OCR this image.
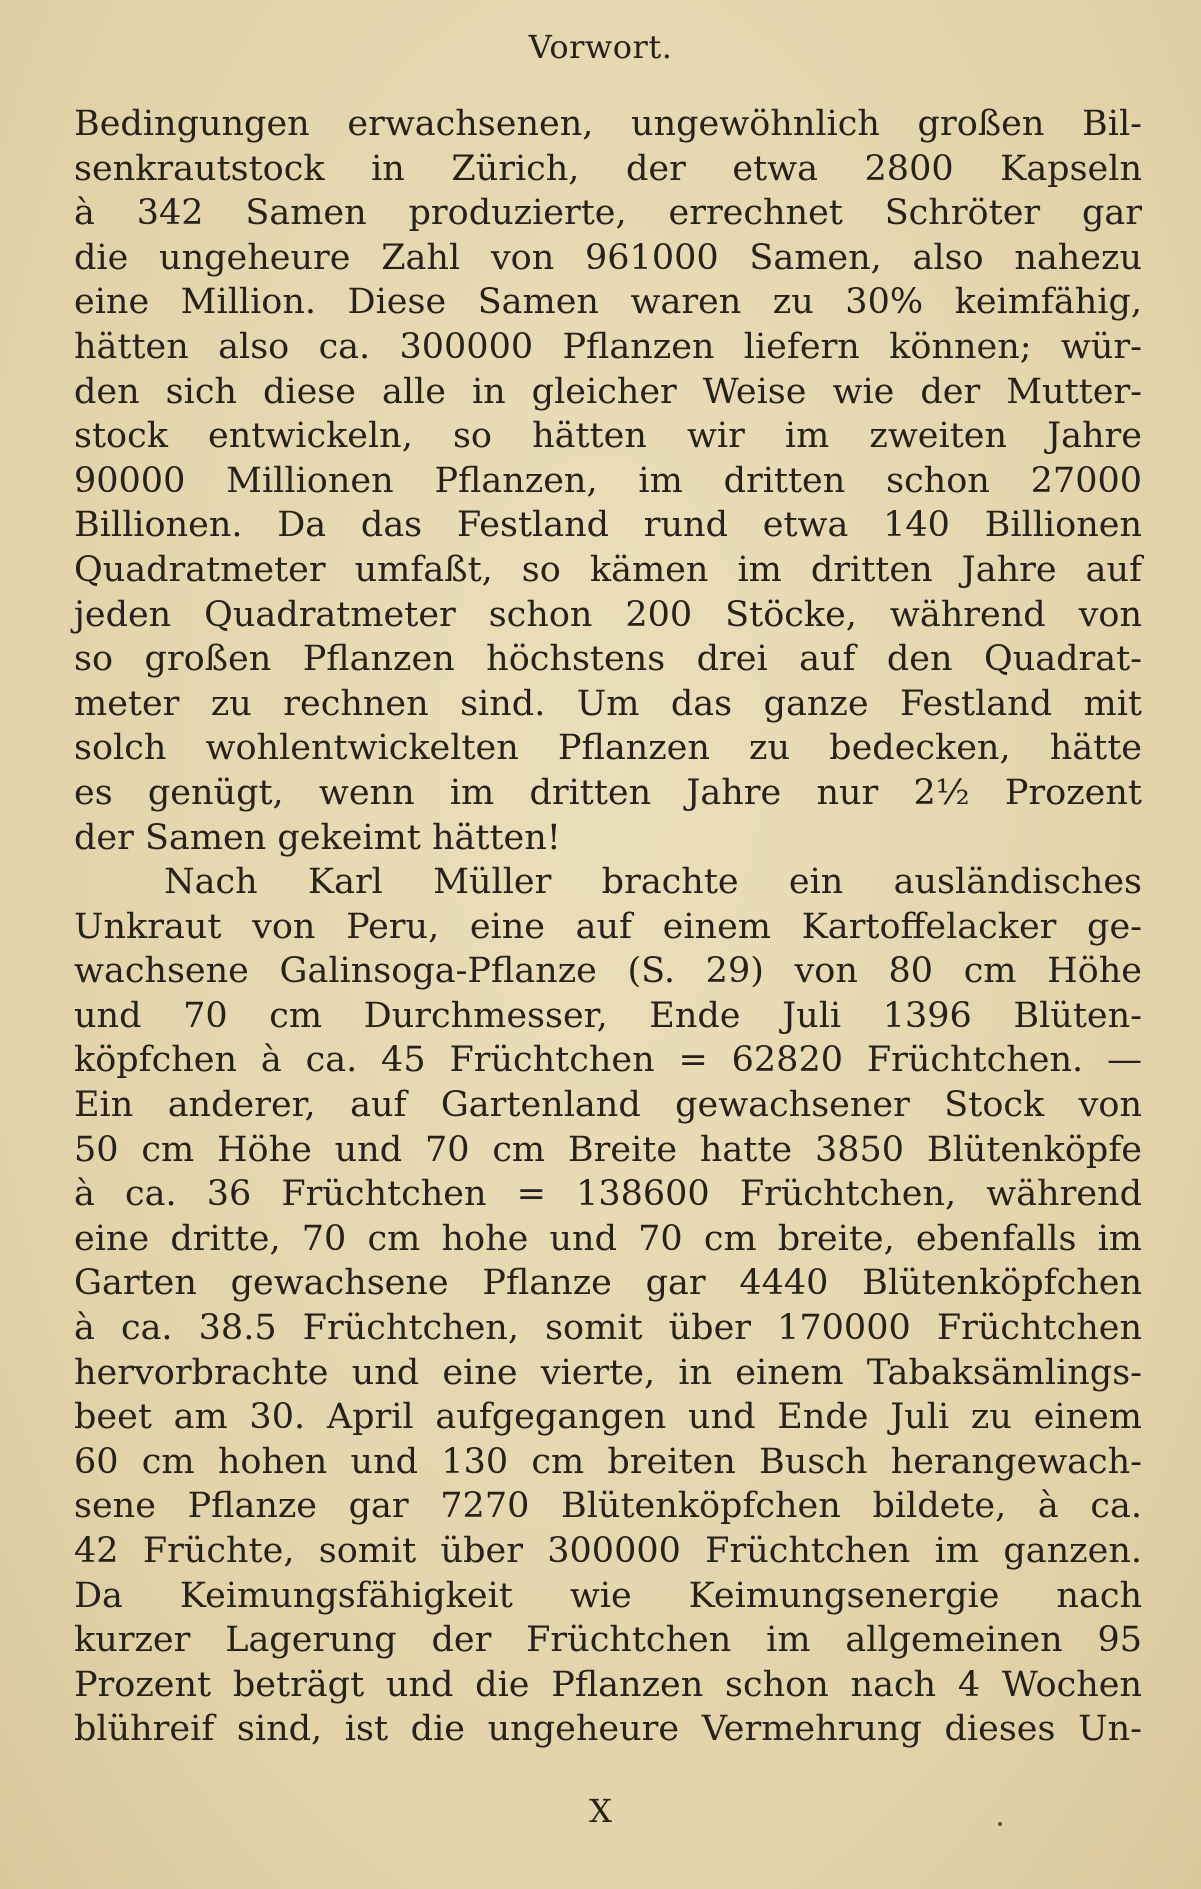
Vorwort.
Bedingungen erwachsenen, ungewöhnlich großen Bil-
senkrautstock in Zürich, der etwa 2800 Kapseln
à 342 Samen produzierte, errechnet Schröter gar
die ungeheure Zahl von 961000 Samen, also nahezu
eine Million. Diese Samen waren zu 30% keimfähig,
hätten also ca. 300000 Pflanzen liefern können; wür-
den sich diese alle in gleicher Weise wie der Mutter-
stock entwickeln, so hätten wir im zweiten Jahre
90000 Millionen Pflanzen, im dritten schon 27000
Billionen. Da das Festland rund etwa 140 Billionen
Quadratmeter umfaßt, so kämen im dritten Jahre auf
jeden Quadratmeter schon 200 Stöcke, während von
so großen Pflanzen höchstens drei auf den Quadrat-
meter zu rechnen sind. Um das ganze Festland mit
solch wohlentwickelten Pflanzen zu bedecken, hätte
es genügt, wenn im dritten Jahre nur 2½ Prozent
der Samen gekeimt hätten!
Nach Karl Müller brachte ein ausländisches
Unkraut von Peru, eine auf einem Kartoffelacker ge-
wachsene Galinsoga-Pflanze (S. 29) von 80 cm Höhe
und 70 cm Durchmesser, Ende Juli 1396 Blüten-
köpfchen à ca. 45 Früchtchen = 62820 Früchtchen. —
Ein anderer, auf Gartenland gewachsener Stock von
50 cm Höhe und 70 cm Breite hatte 3850 Blütenköpfe
à ca. 36 Früchtchen = 138600 Früchtchen, während
eine dritte, 70 cm hohe und 70 cm breite, ebenfalls im
Garten gewachsene Pflanze gar 4440 Blütenköpfchen
à ca. 38.5 Früchtchen, somit über 170000 Früchtchen
hervorbrachte und eine vierte, in einem Tabaksämlings-
beet am 30. April aufgegangen und Ende Juli zu einem
60 cm hohen und 130 cm breiten Busch herangewach-
sene Pflanze gar 7270 Blütenköpfchen bildete, à ca.
42 Früchte, somit über 300000 Früchtchen im ganzen.
Da Keimungsfähigkeit wie Keimungsenergie nach
kurzer Lagerung der Früchtchen im allgemeinen 95
Prozent beträgt und die Pflanzen schon nach 4 Wochen
blühreif sind, ist die ungeheure Vermehrung dieses Un-
X
